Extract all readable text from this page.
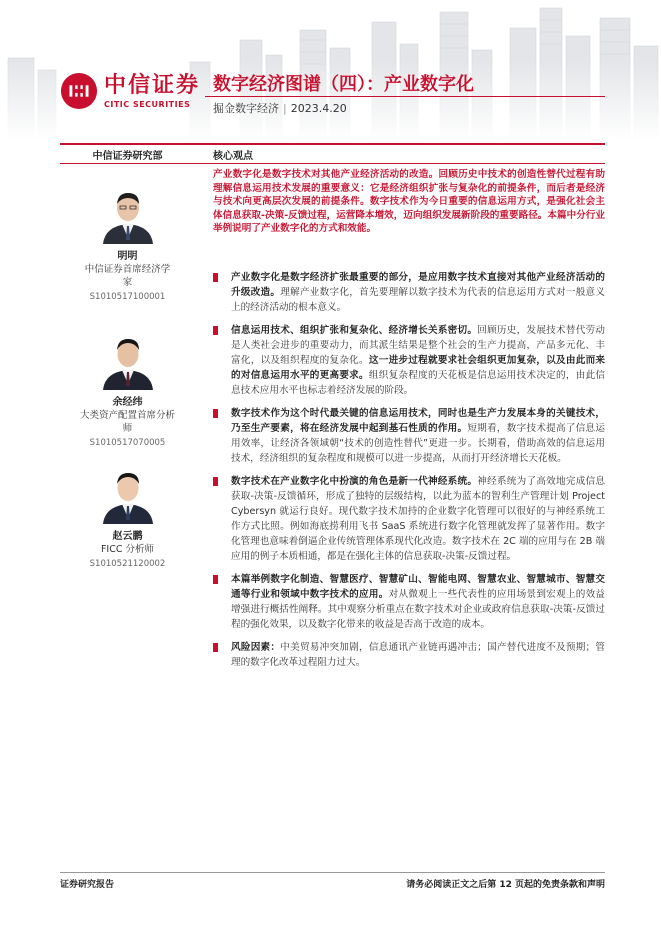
中信证券
CITIC SECURITIES
数字经济图谱（四）：产业数字化
掘金数字经济 | 2023.4.20
中信证券研究部	核心观点
明明
中信证券首席经济学家
S1010517100001
余经纬
大类资产配置首席分析师
S1010517070005
赵云鹏
FICC 分析师
S1010521120002
产业数字化是数字技术对其他产业经济活动的改造。回顾历史中技术的创造性替代过程有助理解信息运用技术发展的重要意义：它是经济组织扩张与复杂化的前提条件，而后者是经济与技术向更高层次发展的前提条件。数字技术作为今日重要的信息运用方式，是强化社会主体信息获取-决策-反馈过程，运营降本增效，迈向组织发展新阶段的重要路径。本篇中分行业举例说明了产业数字化的方式和效能。
产业数字化是数字经济扩张最重要的部分，是应用数字技术直接对其他产业经济活动的升级改造。理解产业数字化，首先要理解以数字技术为代表的信息运用方式对一般意义上的经济活动的根本意义。
信息运用技术、组织扩张和复杂化、经济增长关系密切。回顾历史，发展技术替代劳动是人类社会进步的重要动力，而其派生结果是整个社会的生产力提高，产品多元化、丰富化，以及组织程度的复杂化。这一进步过程就要求社会组织更加复杂，以及由此而来的对信息运用水平的更高要求。组织复杂程度的天花板是信息运用技术决定的，由此信息技术应用水平也标志着经济发展的阶段。
数字技术作为这个时代最关键的信息运用技术，同时也是生产力发展本身的关键技术，乃至生产要素，将在经济发展中起到基石性质的作用。短期看，数字技术提高了信息运用效率，让经济各领域朝“技术的创造性替代”更进一步。长期看，借助高效的信息运用技术，经济组织的复杂程度和规模可以进一步提高，从而打开经济增长天花板。
数字技术在产业数字化中扮演的角色是新一代神经系统。神经系统为了高效地完成信息获取-决策-反馈循环，形成了独特的层级结构，以此为蓝本的智利生产管理计划 Project Cybersyn 就运行良好。现代数字技术加持的企业数字化管理可以很好的与神经系统工作方式比照。例如海底捞利用飞书 SaaS 系统进行数字化管理就发挥了显著作用。数字化管理也意味着倒逼企业传统管理体系现代化改造。数字技术在 2C 端的应用与在 2B 端应用的例子本质相通，都是在强化主体的信息获取-决策-反馈过程。
本篇举例数字化制造、智慧医疗、智慧矿山、智能电网、智慧农业、智慧城市、智慧交通等行业和领域中数字技术的应用。对从微观上一些代表性的应用场景到宏观上的效益增强进行概括性阐释。其中观察分析重点在数字技术对企业或政府信息获取-决策-反馈过程的强化效果，以及数字化带来的收益是否高于改造的成本。
风险因素：中美贸易冲突加剧，信息通讯产业链再遇冲击；国产替代进度不及预期；管理的数字化改革过程阻力过大。
证券研究报告	请务必阅读正文之后第 12 页起的免责条款和声明
